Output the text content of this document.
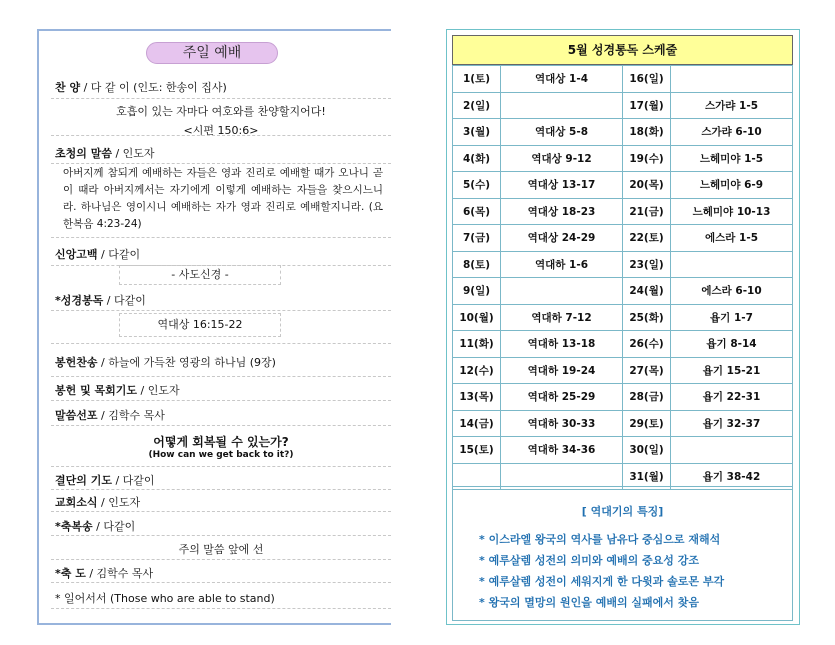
주일 예배
찬 양 / 다 같 이 (인도: 한송이 집사)
호흡이 있는 자마다 여호와를 찬양할지어다!
<시편 150:6>
초청의 말씀 / 인도자
아버지께 참되게 예배하는 자들은 영과 진리로 예배할 때가 오나니 곧 이 때라 아버지께서는 자기에게 이렇게 예배하는 자들을 찾으시느니라. 하나님은 영이시니 예배하는 자가 영과 진리로 예배할지니라. (요한복음 4:23-24)
신앙고백 / 다같이
- 사도신경 -
*성경봉독 / 다같이
역대상 16:15-22
봉헌찬송 / 하늘에 가득찬 영광의 하나님 (9장)
봉헌 및 목회기도 / 인도자
말씀선포 / 김학수 목사
어떻게 회복될 수 있는가?
(How can we get back to it?)
결단의 기도 / 다같이
교회소식 / 인도자
*축복송 / 다같이
주의 말씀 앞에 선
*축 도 / 김학수 목사
* 일어서서 (Those who are able to stand)
5월 성경통독 스케줄
1(토)	역대상 1-4	16(일)	
2(일)		17(월)	스가랴 1-5
3(월)	역대상 5-8	18(화)	스가랴 6-10
4(화)	역대상 9-12	19(수)	느헤미야 1-5
5(수)	역대상 13-17	20(목)	느헤미야 6-9
6(목)	역대상 18-23	21(금)	느헤미야 10-13
7(금)	역대상 24-29	22(토)	에스라 1-5
8(토)	역대하 1-6	23(일)	
9(일)		24(월)	에스라 6-10
10(월)	역대하 7-12	25(화)	욥기 1-7
11(화)	역대하 13-18	26(수)	욥기 8-14
12(수)	역대하 19-24	27(목)	욥기 15-21
13(목)	역대하 25-29	28(금)	욥기 22-31
14(금)	역대하 30-33	29(토)	욥기 32-37
15(토)	역대하 34-36	30(일)	
		31(월)	욥기 38-42
[ 역대기의 특징]
* 이스라엘 왕국의 역사를 남유다 중심으로 재해석
* 예루살렘 성전의 의미와 예배의 중요성 강조
* 예루살렘 성전이 세워지게 한 다윗과 솔로몬 부각
* 왕국의 멸망의 원인을 예배의 실패에서 찾음
